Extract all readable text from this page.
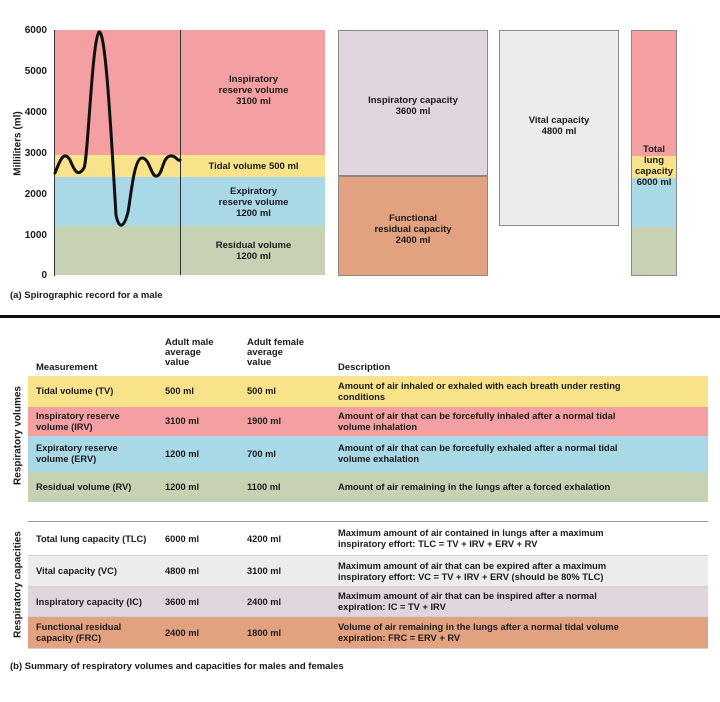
Milliliters (ml)
6000
5000
4000
3000
2000
1000
0
Inspiratory
reserve volume
3100 ml
Tidal volume 500 ml
Expiratory
reserve volume
1200 ml
Residual volume
1200 ml
Inspiratory capacity
3600 ml
Functional
residual capacity
2400 ml
Vital capacity
4800 ml
Total
lung
capacity
6000 ml
(a) Spirographic record for a male
Measurement
Adult male
average
value
Adult female
average
value	Description
Respiratory volumes
Respiratory capacities
Tidal volume (TV)	500 ml	500 ml
Amount of air inhaled or exhaled with each breath under resting
conditions
Inspiratory reserve
volume (IRV)
3100 ml	1900 ml
Amount of air that can be forcefully inhaled after a normal tidal
volume inhalation
Expiratory reserve
volume (ERV)
1200 ml	700 ml
Amount of air that can be forcefully exhaled after a normal tidal
volume exhalation
Residual volume (RV)	1200 ml	1100 ml	Amount of air remaining in the lungs after a forced exhalation
Total lung capacity (TLC) 6000 ml	4200 ml
Maximum amount of air contained in lungs after a maximum
inspiratory effort: TLC = TV + IRV + ERV + RV
Vital capacity (VC)	4800 ml	3100 ml
Maximum amount of air that can be expired after a maximum
inspiratory effort: VC = TV + IRV + ERV (should be 80% TLC)
Inspiratory capacity (IC) 3600 ml	2400 ml
Maximum amount of air that can be inspired after a normal
expiration: IC = TV + IRV
Functional residual
capacity (FRC)
2400 ml	1800 ml
Volume of air remaining in the lungs after a normal tidal volume
expiration: FRC = ERV + RV
(b) Summary of respiratory volumes and capacities for males and females
